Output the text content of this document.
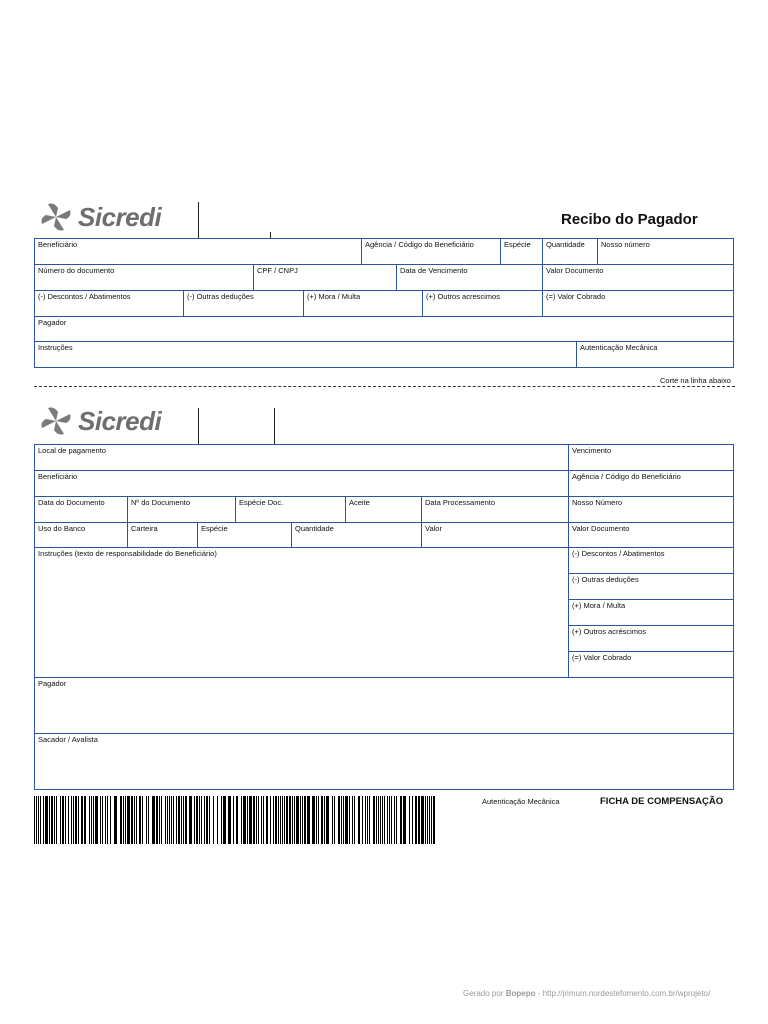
Sicredi	Recibo do Pagador
Beneficiário	Agência / Código do Beneficiário	Espécie	Quantidade	Nosso número
Número do documento	CPF / CNPJ	Data de Vencimento	Valor Documento
(-) Descontos / Abatimentos	(-) Outras deduções	(+) Mora / Multa	(+) Outros acrescimos	(=) Valor Cobrado
Pagador
Instruções	Autenticação Mecânica
Corte na linha abaixo
Sicredi
Local de pagamento	Vencimento
Beneficiário	Agência / Código do Beneficiário
Data do Documento	Nº do Documento	Espécie Doc.	Aceite	Data Processamento	Nosso Número
Uso do Banco	Carteira	Espécie	Quantidade	Valor	Valor Documento
Instruções (texto de responsabilidade do Beneficiário)	(-) Descontos / Abatimentos
(-) Outras deduções
(+) Mora / Multa
(+) Outros acréscimos
(=) Valor Cobrado
Pagador
Sacador / Avalista
Autenticação Mecânica	FICHA DE COMPENSAÇÃO
Gerado por Bopepo - http://jrimum.nordestefomento.com.br/wprojeto/
